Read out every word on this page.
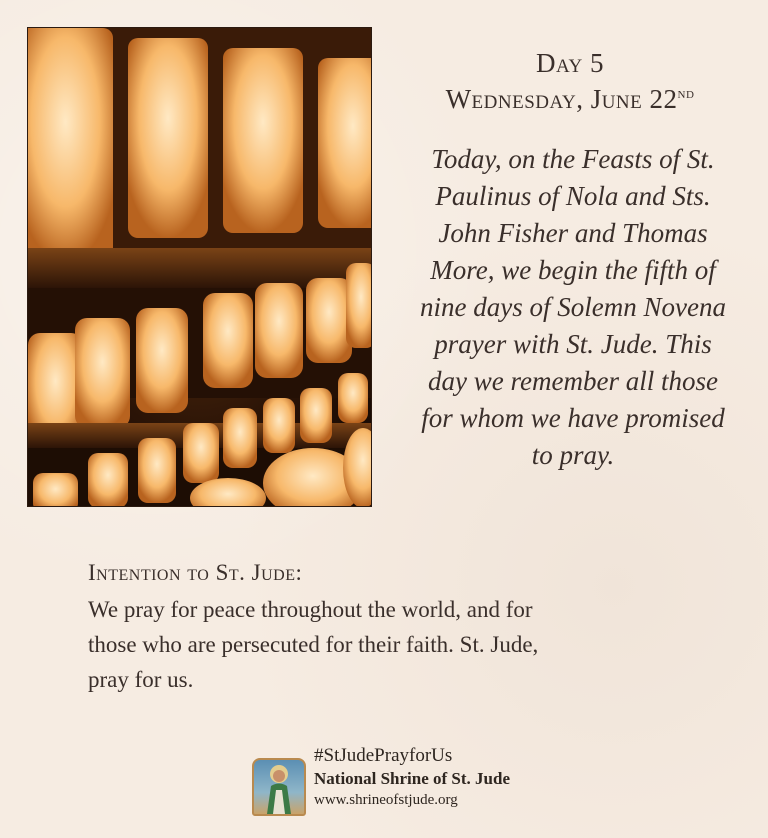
Day 5
Wednesday, June 22nd
Today, on the Feasts of St.
Paulinus of Nola and Sts.
John Fisher and Thomas
More, we begin the fifth of
nine days of Solemn Novena
prayer with St. Jude. This
day we remember all those
for whom we have promised
to pray.
Intention to St. Jude:
We pray for peace throughout the world, and for
those who are persecuted for their faith. St. Jude,
pray for us.
#StJudePrayforUs
National Shrine of St. Jude
www.shrineofstjude.org
